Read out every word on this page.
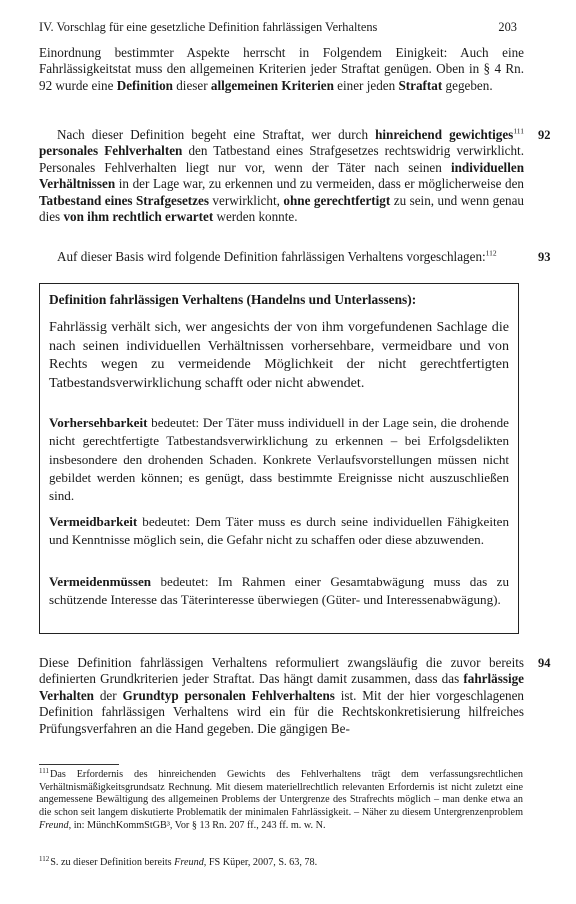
IV. Vorschlag für eine gesetzliche Definition fahrlässigen Verhaltens	203
Einordnung bestimmter Aspekte herrscht in Folgendem Einigkeit: Auch eine Fahrlässigkeitstat muss den allgemeinen Kriterien jeder Straftat genügen. Oben in § 4 Rn. 92 wurde eine Definition dieser allgemeinen Kriterien einer jeden Straftat gegeben.
92
Nach dieser Definition begeht eine Straftat, wer durch hinreichend gewichtiges$^{111}$ personales Fehlverhalten den Tatbestand eines Strafgesetzes rechtswidrig verwirklicht. Personales Fehlverhalten liegt nur vor, wenn der Täter nach seinen individuellen Verhältnissen in der Lage war, zu erkennen und zu vermeiden, dass er möglicherweise den Tatbestand eines Strafgesetzes verwirklicht, ohne gerechtfertigt zu sein, und wenn genau dies von ihm rechtlich erwartet werden konnte.
93
Auf dieser Basis wird folgende Definition fahrlässigen Verhaltens vorgeschlagen:$^{112}$
Definition fahrlässigen Verhaltens (Handelns und Unterlassens):
Fahrlässig verhält sich, wer angesichts der von ihm vorgefundenen Sachlage die nach seinen individuellen Verhältnissen vorhersehbare, vermeidbare und von Rechts wegen zu vermeidende Möglichkeit der nicht gerechtfertigten Tatbestandsverwirklichung schafft oder nicht abwendet.
Vorhersehbarkeit bedeutet: Der Täter muss individuell in der Lage sein, die drohende nicht gerechtfertigte Tatbestandsverwirklichung zu erkennen – bei Erfolgsdelikten insbesondere den drohenden Schaden. Konkrete Verlaufsvorstellungen müssen nicht gebildet werden können; es genügt, dass bestimmte Ereignisse nicht auszuschließen sind.
Vermeidbarkeit bedeutet: Dem Täter muss es durch seine individuellen Fähigkeiten und Kenntnisse möglich sein, die Gefahr nicht zu schaffen oder diese abzuwenden.
Vermeidenmüssen bedeutet: Im Rahmen einer Gesamtabwägung muss das zu schützende Interesse das Täterinteresse überwiegen (Güter- und Interessenabwägung).
94
Diese Definition fahrlässigen Verhaltens reformuliert zwangsläufig die zuvor bereits definierten Grundkriterien jeder Straftat. Das hängt damit zusammen, dass das fahrlässige Verhalten der Grundtyp personalen Fehlverhaltens ist. Mit der hier vorgeschlagenen Definition fahrlässigen Verhaltens wird ein für die Rechtskonkretisierung hilfreiches Prüfungsverfahren an die Hand gegeben. Die gängigen Be-
$^{111}$Das Erfordernis des hinreichenden Gewichts des Fehlverhaltens trägt dem verfassungsrechtlichen Verhältnismäßigkeitsgrundsatz Rechnung. Mit diesem materiellrechtlich relevanten Erfordernis ist nicht zuletzt eine angemessene Bewältigung des allgemeinen Problems der Untergrenze des Strafrechts möglich – man denke etwa an die schon seit langem diskutierte Problematik der minimalen Fahrlässigkeit. – Näher zu diesem Untergrenzenproblem Freund, in: MünchKommStGB³, Vor § 13 Rn. 207 ff., 243 ff. m. w. N.
$^{112}$S. zu dieser Definition bereits Freund, FS Küper, 2007, S. 63, 78.
